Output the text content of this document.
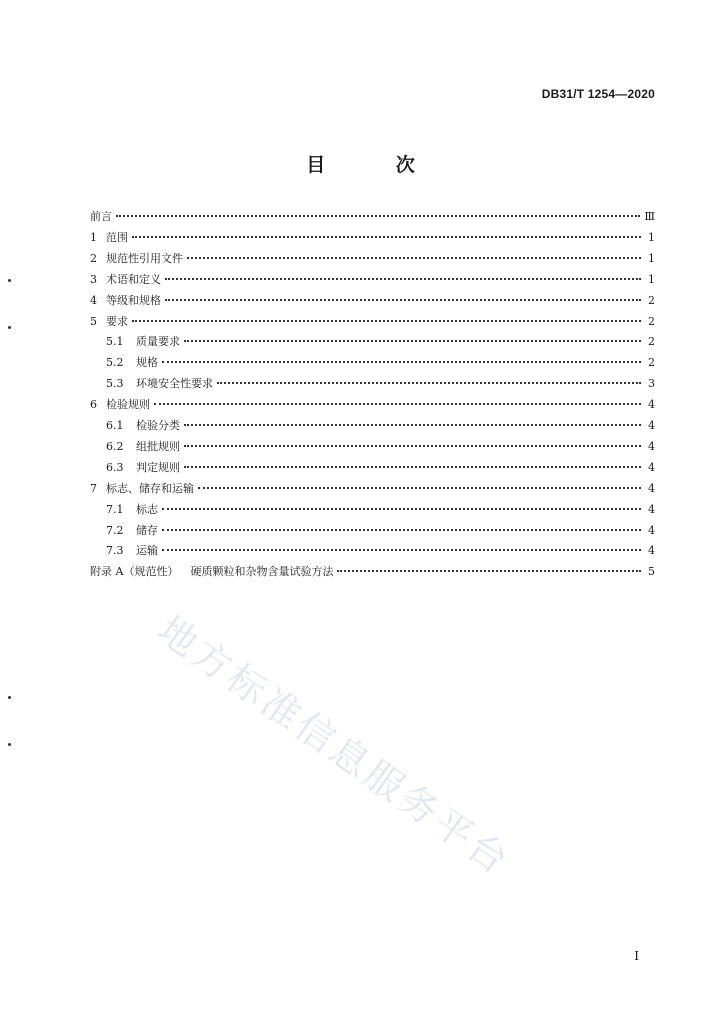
DB31/T 1254—2020
目 次
地方标准信息服务平台
前言	Ⅲ
1 范围	1
2 规范性引用文件	1
3 术语和定义	1
4 等级和规格	2
5 要求	2
5.1	质量要求	2
5.2	规格	2
5.3	环境安全性要求	3
6 检验规则	4
6.1	检验分类	4
6.2	组批规则	4
6.3	判定规则	4
7 标志、储存和运输	4
7.1	标志	4
7.2	储存	4
7.3	运输	4
附录 A（规范性） 硬质颗粒和杂物含量试验方法	5
I
